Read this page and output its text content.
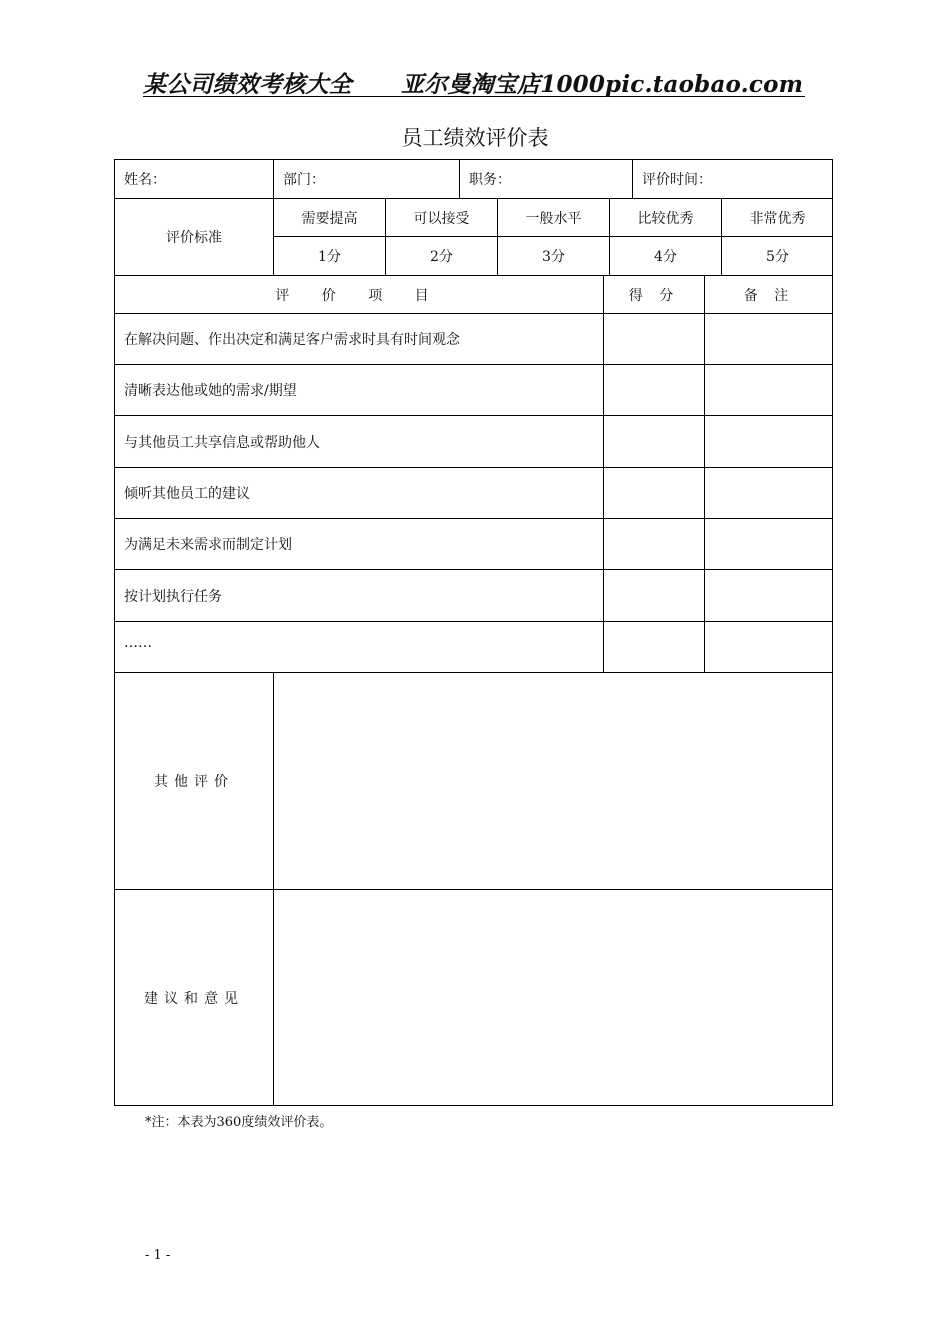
某公司绩效考核大全      亚尔曼淘宝店1000pic.taobao.com
员工绩效评价表
姓名：	部门：	职务：	评价时间：
评价标准
需要提高	可以接受	一般水平	比较优秀	非常优秀
1分	2分	3分	4分	5分
评 价 项 目	得 分	备 注
在解决问题、作出决定和满足客户需求时具有时间观念
清晰表达他或她的需求/期望
与其他员工共享信息或帮助他人
倾听其他员工的建议
为满足未来需求而制定计划
按计划执行任务
……
其他评价
建议和意见
*注：本表为360度绩效评价表。
- 1 -
